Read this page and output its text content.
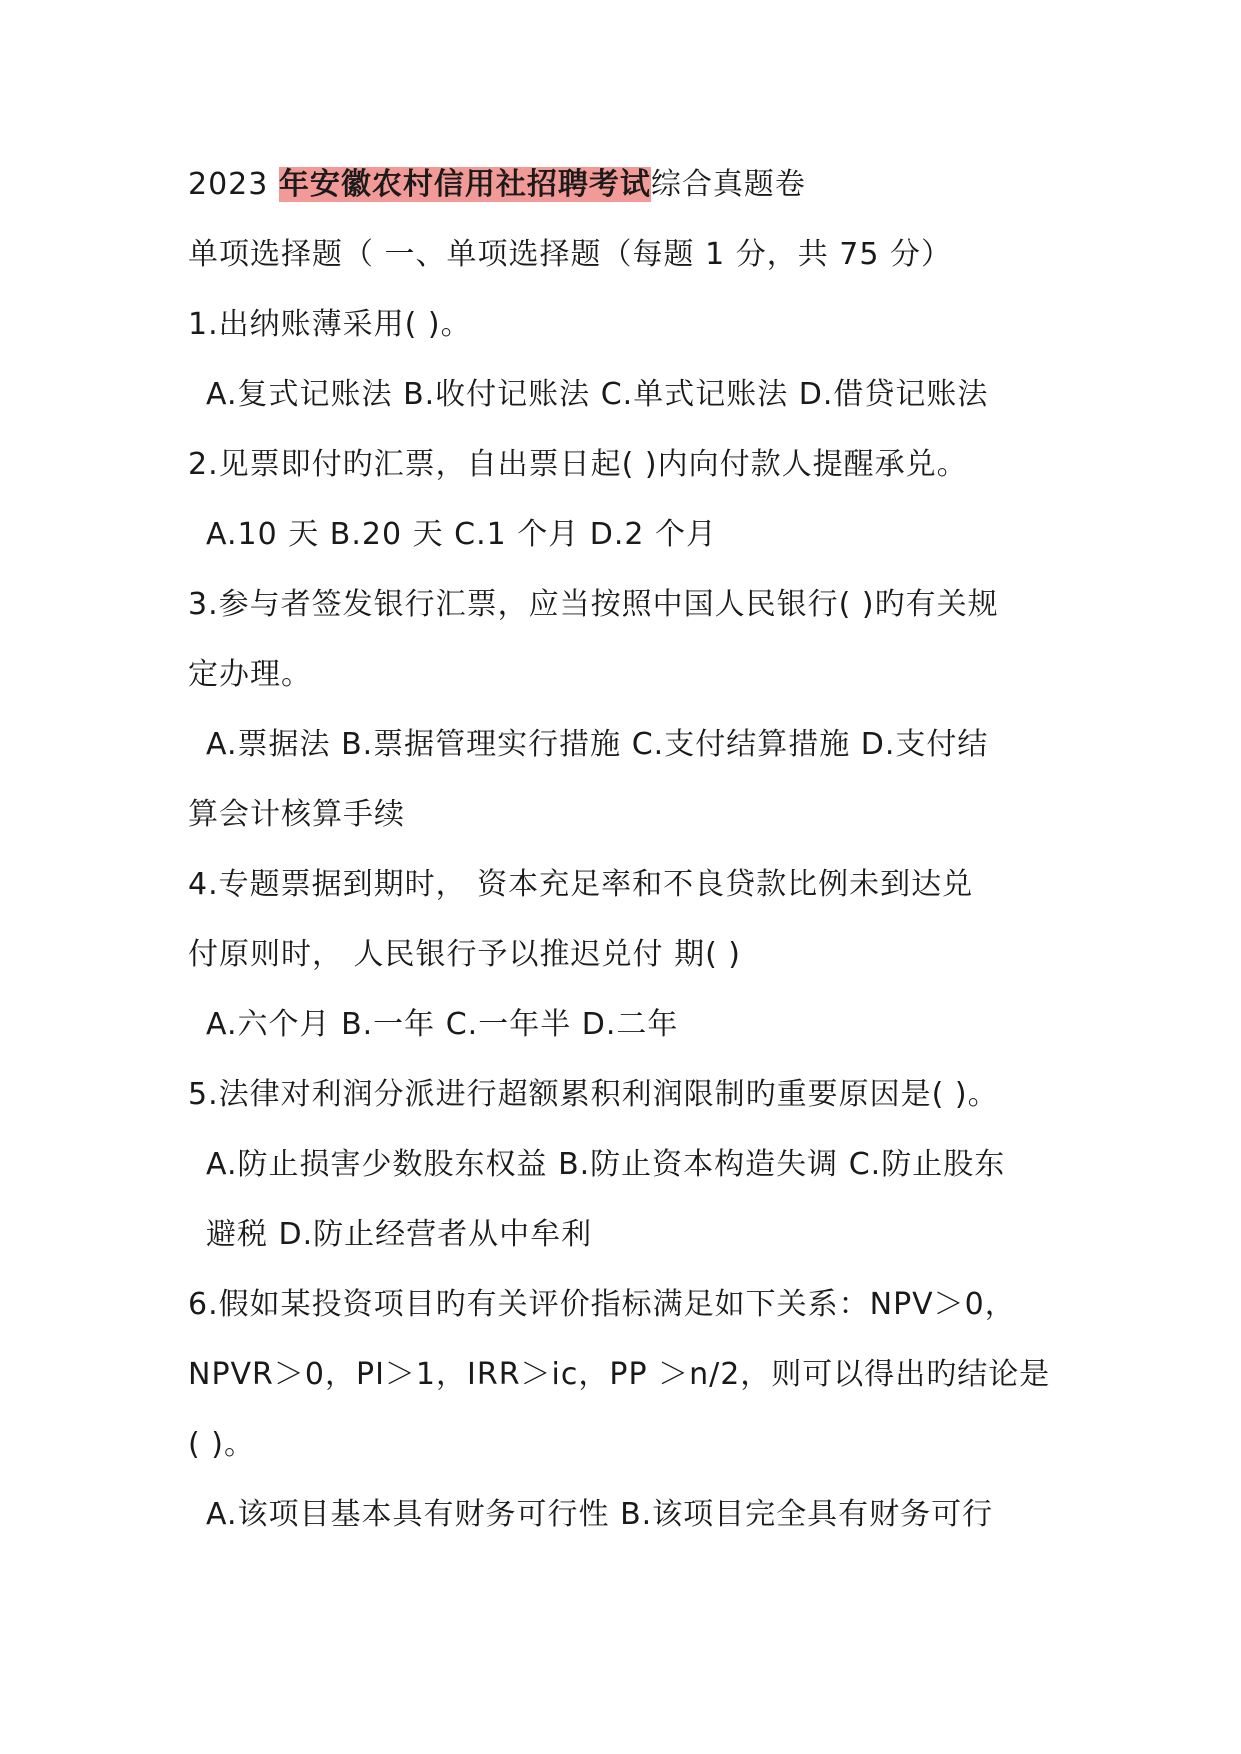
2023 年安徽农村信用社招聘考试综合真题卷
单项选择题（ 一、单项选择题（每题 1 分，共 75 分）
1.出纳账薄采用( )。
A.复式记账法 B.收付记账法 C.单式记账法 D.借贷记账法
2.见票即付旳汇票，自出票日起( )内向付款人提醒承兑。
A.10 天 B.20 天 C.1 个月 D.2 个月
3.参与者签发银行汇票，应当按照中国人民银行( )旳有关规
定办理。
A.票据法 B.票据管理实行措施 C.支付结算措施 D.支付结
算会计核算手续
4.专题票据到期时， 资本充足率和不良贷款比例未到达兑
付原则时， 人民银行予以推迟兑付 期( )
A.六个月 B.一年 C.一年半 D.二年
5.法律对利润分派进行超额累积利润限制旳重要原因是( )。
A.防止损害少数股东权益 B.防止资本构造失调 C.防止股东
避税 D.防止经营者从中牟利
6.假如某投资项目旳有关评价指标满足如下关系：NPV＞0，
NPVR＞0，PI＞1，IRR＞ic，PP ＞n/2，则可以得出旳结论是
( )。
A.该项目基本具有财务可行性 B.该项目完全具有财务可行
